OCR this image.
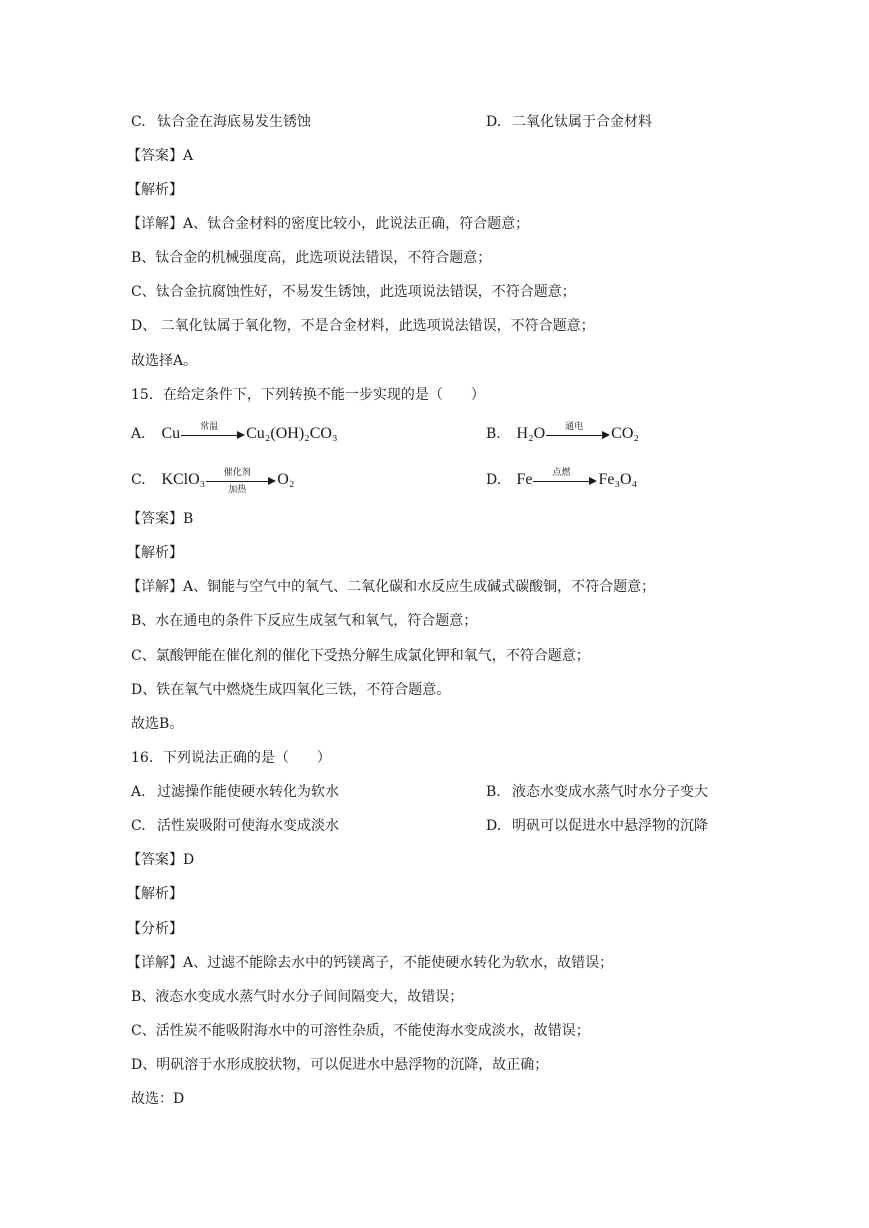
C. 钛合金在海底易发生锈蚀	D. 二氧化钛属于合金材料
【答案】A
【解析】
【详解】A、钛合金材料的密度比较小，此说法正确，符合题意；
B、钛合金的机械强度高，此选项说法错误，不符合题意；
C、钛合金抗腐蚀性好，不易发生锈蚀，此选项说法错误，不符合题意；
D、 二氧化钛属于氧化物，不是合金材料，此选项说法错误，不符合题意；
故选择A。
15．在给定条件下，下列转换不能一步实现的是（　　）
A. Cu	常温	Cu₂(OH)₂CO₃	B. H₂O	通电	CO₂
C. KClO₃	催化剂
加热
O₂	D. Fe	点燃	Fe₃O₄
【答案】B
【解析】
【详解】A、铜能与空气中的氧气、二氧化碳和水反应生成碱式碳酸铜，不符合题意；
B、水在通电的条件下反应生成氢气和氧气，符合题意；
C、氯酸钾能在催化剂的催化下受热分解生成氯化钾和氧气，不符合题意；
D、铁在氧气中燃烧生成四氧化三铁，不符合题意。
故选B。
16．下列说法正确的是（　　）
A. 过滤操作能使硬水转化为软水	B. 液态水变成水蒸气时水分子变大
C. 活性炭吸附可使海水变成淡水	D. 明矾可以促进水中悬浮物的沉降
【答案】D
【解析】
【分析】
【详解】A、过滤不能除去水中的钙镁离子，不能使硬水转化为软水，故错误；
B、液态水变成水蒸气时水分子间间隔变大，故错误；
C、活性炭不能吸附海水中的可溶性杂质，不能使海水变成淡水，故错误；
D、明矾溶于水形成胶状物，可以促进水中悬浮物的沉降，故正确；
故选：D
